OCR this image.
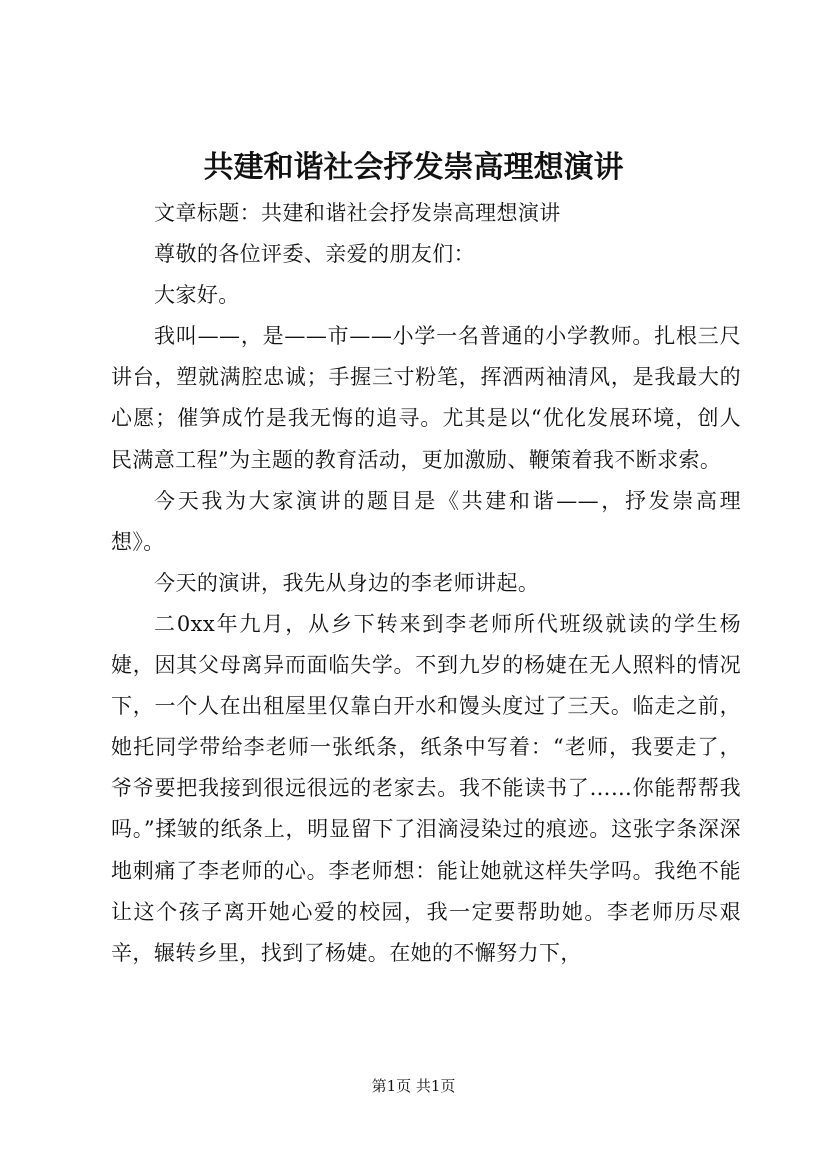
共建和谐社会抒发崇高理想演讲

文章标题：共建和谐社会抒发崇高理想演讲

尊敬的各位评委、亲爱的朋友们：

大家好。

我叫——，是——市——小学一名普通的小学教师。扎根三尺讲台，塑就满腔忠诚；手握三寸粉笔，挥洒两袖清风，是我最大的心愿；催笋成竹是我无悔的追寻。尤其是以“优化发展环境，创人民满意工程”为主题的教育活动，更加激励、鞭策着我不断求索。

今天我为大家演讲的题目是《共建和谐——，抒发崇高理想》。

今天的演讲，我先从身边的李老师讲起。

二0xx年九月，从乡下转来到李老师所代班级就读的学生杨婕，因其父母离异而面临失学。不到九岁的杨婕在无人照料的情况下，一个人在出租屋里仅靠白开水和馒头度过了三天。临走之前，她托同学带给李老师一张纸条，纸条中写着：“老师，我要走了，爷爷要把我接到很远很远的老家去。我不能读书了……你能帮帮我吗。”揉皱的纸条上，明显留下了泪滴浸染过的痕迹。这张字条深深地刺痛了李老师的心。李老师想：能让她就这样失学吗。我绝不能让这个孩子离开她心爱的校园，我一定要帮助她。李老师历尽艰辛，辗转乡里，找到了杨婕。在她的不懈努力下，

第1页 共1页
